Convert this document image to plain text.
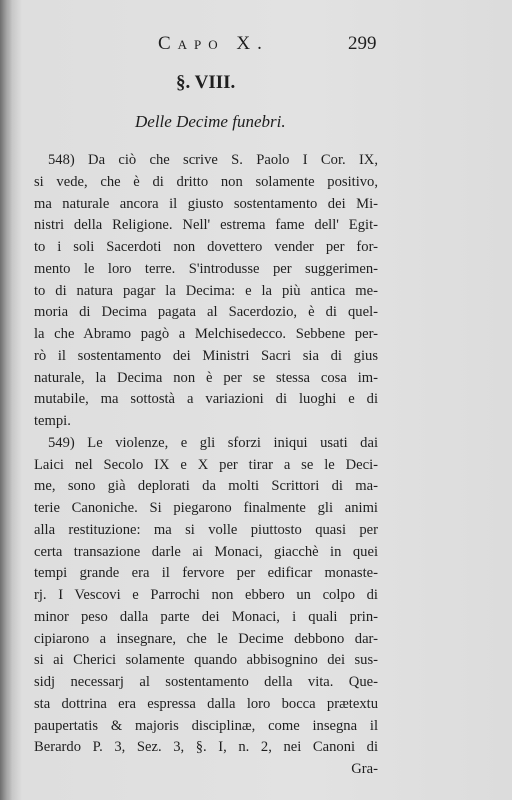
Capo X.	299
§. VIII.
Delle Decime funebri.
548) Da ciò che scrive S. Paolo I Cor. IX,
si vede, che è di dritto non solamente positivo,
ma naturale ancora il giusto sostentamento dei Mi-
nistri della Religione. Nell' estrema fame dell' Egit-
to i soli Sacerdoti non dovettero vender per for-
mento le loro terre. S'introdusse per suggerimen-
to di natura pagar la Decima: e la più antica me-
moria di Decima pagata al Sacerdozio, è di quel-
la che Abramo pagò a Melchisedecco. Sebbene per-
rò il sostentamento dei Ministri Sacri sia di gius
naturale, la Decima non è per se stessa cosa im-
mutabile, ma sottostà a variazioni di luoghi e di
tempi.
549) Le violenze, e gli sforzi iniqui usati dai
Laici nel Secolo IX e X per tirar a se le Deci-
me, sono già deplorati da molti Scrittori di ma-
terie Canoniche. Si piegarono finalmente gli animi
alla restituzione: ma si volle piuttosto quasi per
certa transazione darle ai Monaci, giacchè in quei
tempi grande era il fervore per edificar monaste-
rj. I Vescovi e Parrochi non ebbero un colpo di
minor peso dalla parte dei Monaci, i quali prin-
cipiarono a insegnare, che le Decime debbono dar-
si ai Cherici solamente quando abbisognino dei sus-
sidj necessarj al sostentamento della vita. Que-
sta dottrina era espressa dalla loro bocca prætextu
paupertatis & majoris disciplinæ, come insegna il
Berardo P. 3, Sez. 3, §. I, n. 2, nei Canoni di
Gra-
